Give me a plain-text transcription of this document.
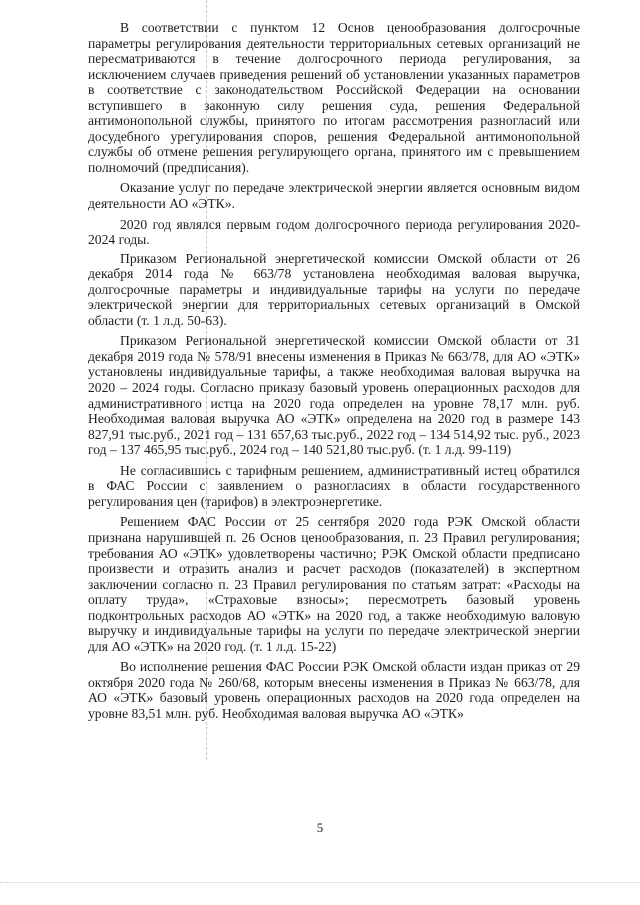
В соответствии с пунктом 12 Основ ценообразования долгосрочные параметры регулирования деятельности территориальных сетевых организаций не пересматриваются в течение долгосрочного периода регулирования, за исключением случаев приведения решений об установлении указанных параметров в соответствие с законодательством Российской Федерации на основании вступившего в законную силу решения суда, решения Федеральной антимонопольной службы, принятого по итогам рассмотрения разногласий или досудебного урегулирования споров, решения Федеральной антимонопольной службы об отмене решения регулирующего органа, принятого им с превышением полномочий (предписания).

Оказание услуг по передаче электрической энергии является основным видом деятельности АО «ЭТК».

2020 год являлся первым годом долгосрочного периода регулирования 2020-2024 годы.

Приказом Региональной энергетической комиссии Омской области от 26 декабря 2014 года № 663/78 установлена необходимая валовая выручка, долгосрочные параметры и индивидуальные тарифы на услуги по передаче электрической энергии для территориальных сетевых организаций в Омской области (т. 1 л.д. 50-63).

Приказом Региональной энергетической комиссии Омской области от 31 декабря 2019 года № 578/91 внесены изменения в Приказ № 663/78, для АО «ЭТК» установлены индивидуальные тарифы, а также необходимая валовая выручка на 2020 – 2024 годы. Согласно приказу базовый уровень операционных расходов для административного истца на 2020 года определен на уровне 78,17 млн. руб. Необходимая валовая выручка АО «ЭТК» определена на 2020 год в размере 143 827,91 тыс.руб., 2021 год – 131 657,63 тыс.руб., 2022 год – 134 514,92 тыс. руб., 2023 год – 137 465,95 тыс.руб., 2024 год – 140 521,80 тыс.руб. (т. 1 л.д. 99-119)

Не согласившись с тарифным решением, административный истец обратился в ФАС России с заявлением о разногласиях в области государственного регулирования цен (тарифов) в электроэнергетике.

Решением ФАС России от 25 сентября 2020 года РЭК Омской области признана нарушившей п. 26 Основ ценообразования, п. 23 Правил регулирования; требования АО «ЭТК» удовлетворены частично; РЭК Омской области предписано произвести и отразить анализ и расчет расходов (показателей) в экспертном заключении согласно п. 23 Правил регулирования по статьям затрат: «Расходы на оплату труда», «Страховые взносы»; пересмотреть базовый уровень подконтрольных расходов АО «ЭТК» на 2020 год, а также необходимую валовую выручку и индивидуальные тарифы на услуги по передаче электрической энергии для АО «ЭТК» на 2020 год. (т. 1 л.д. 15-22)

Во исполнение решения ФАС России РЭК Омской области издан приказ от 29 октября 2020 года № 260/68, которым внесены изменения в Приказ № 663/78, для АО «ЭТК» базовый уровень операционных расходов на 2020 года определен на уровне 83,51 млн. руб. Необходимая валовая выручка АО «ЭТК»

5
